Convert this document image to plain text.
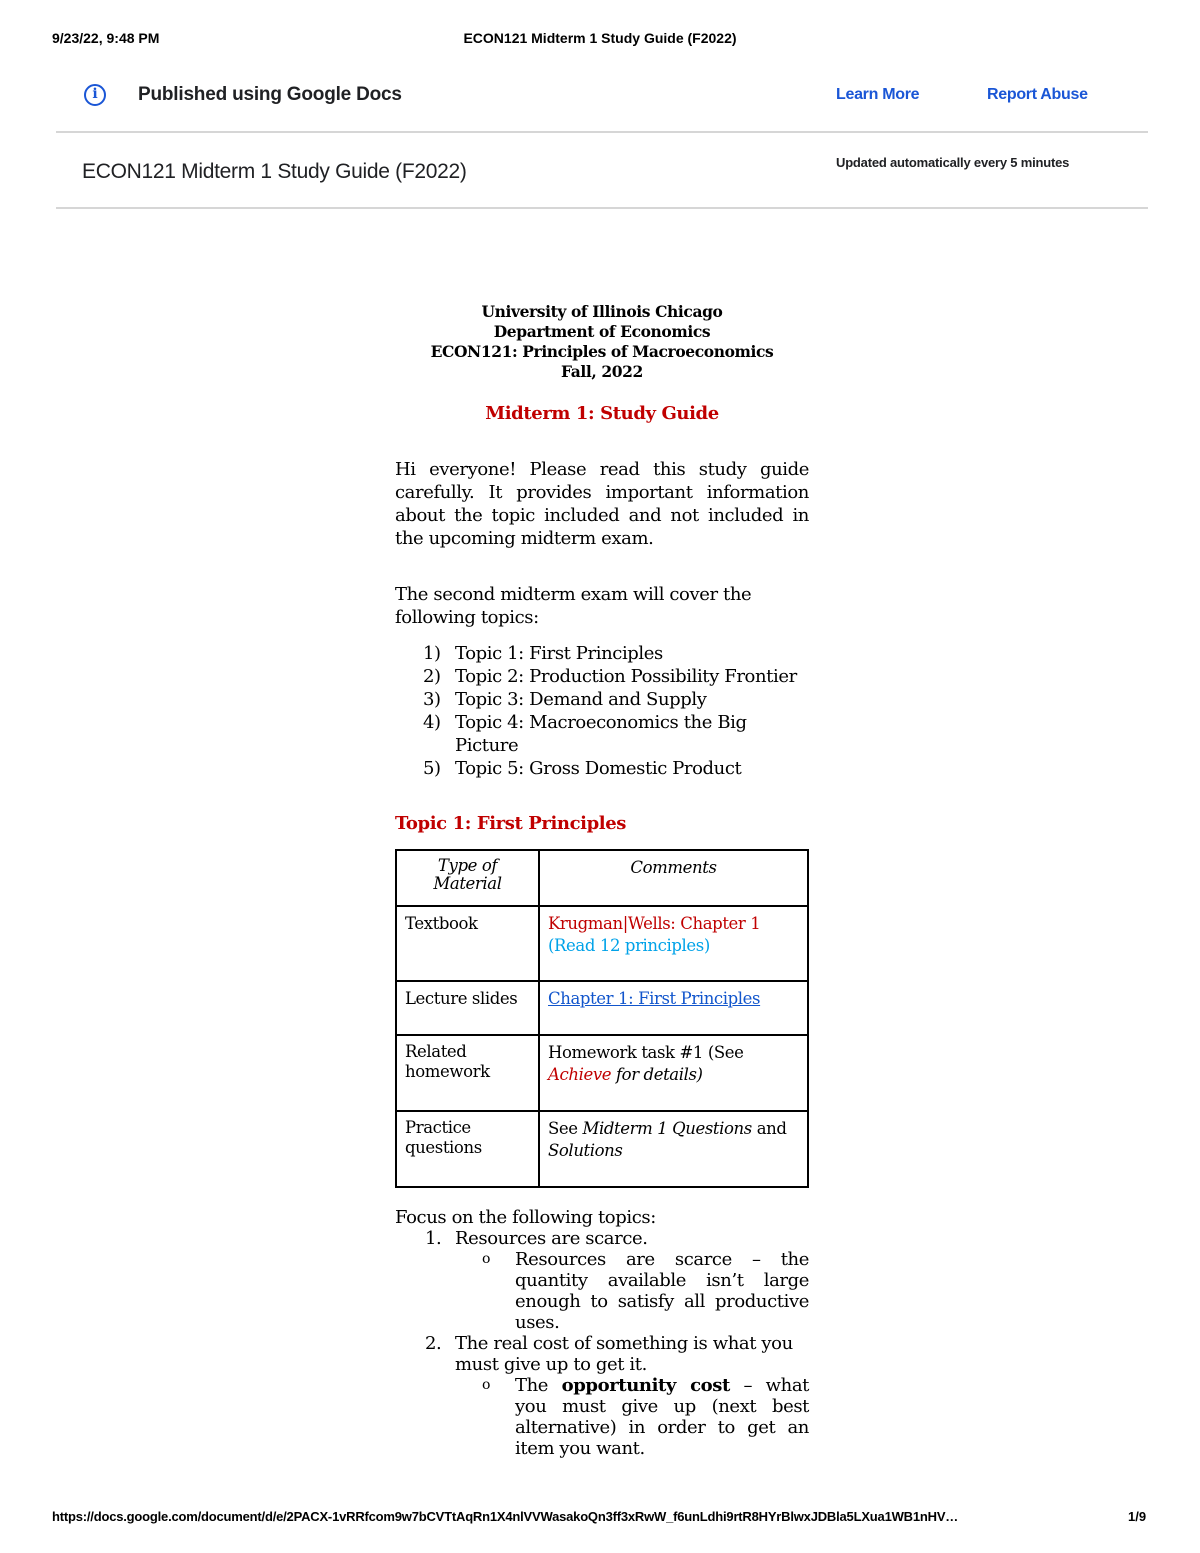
9/23/22, 9:48 PM	ECON121 Midterm 1 Study Guide (F2022)
i	Published using Google Docs	Learn More	Report Abuse
ECON121 Midterm 1 Study Guide (F2022)	Updated automatically every 5 minutes
University of Illinois Chicago
Department of Economics
ECON121: Principles of Macroeconomics
Fall, 2022
Midterm 1: Study Guide
Hi everyone! Please read this study guide carefully. It provides important information about the topic included and not included in the upcoming midterm exam.
The second midterm exam will cover the following topics:
1) Topic 1: First Principles
2) Topic 2: Production Possibility Frontier
3) Topic 3: Demand and Supply
4) Topic 4: Macroeconomics the Big Picture
5) Topic 5: Gross Domestic Product
Topic 1: First Principles
Type of Material	Comments
Textbook	Krugman|Wells: Chapter 1
(Read 12 principles)
Lecture slides	Chapter 1: First Principles
Related homework	Homework task #1 (See Achieve for details)
Practice questions	See Midterm 1 Questions and Solutions
Focus on the following topics:
1. Resources are scarce.
o Resources are scarce – the quantity available isn’t large enough to satisfy all productive uses.
2. The real cost of something is what you must give up to get it.
o The opportunity cost – what you must give up (next best alternative) in order to get an item you want.
https://docs.google.com/document/d/e/2PACX-1vRRfcom9w7bCVTtAqRn1X4nlVVWasakoQn3ff3xRwW_f6unLdhi9rtR8HYrBlwxJDBla5LXua1WB1nHV…	1/9
